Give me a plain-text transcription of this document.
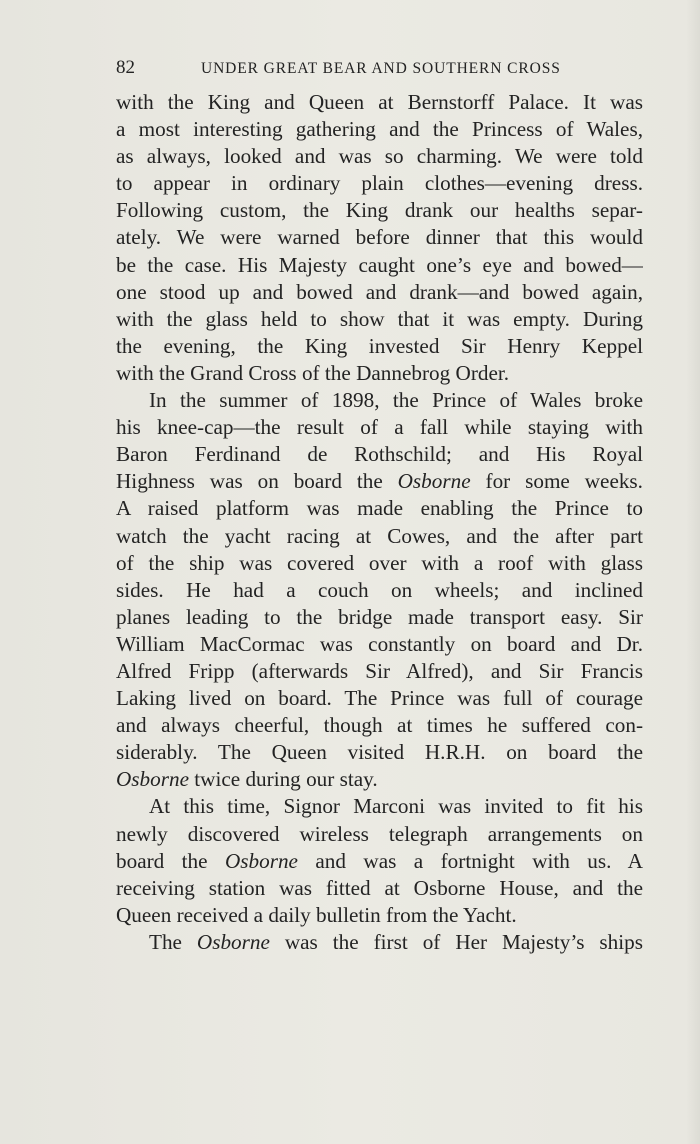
82	UNDER GREAT BEAR AND SOUTHERN CROSS
with the King and Queen at Bernstorff Palace. It was
a most interesting gathering and the Princess of Wales,
as always, looked and was so charming. We were told
to appear in ordinary plain clothes—evening dress.
Following custom, the King drank our healths separ-
ately. We were warned before dinner that this would
be the case. His Majesty caught one’s eye and bowed—
one stood up and bowed and drank—and bowed again,
with the glass held to show that it was empty. During
the evening, the King invested Sir Henry Keppel
with the Grand Cross of the Dannebrog Order.
In the summer of 1898, the Prince of Wales broke
his knee-cap—the result of a fall while staying with
Baron Ferdinand de Rothschild; and His Royal
Highness was on board the Osborne for some weeks.
A raised platform was made enabling the Prince to
watch the yacht racing at Cowes, and the after part
of the ship was covered over with a roof with glass
sides. He had a couch on wheels; and inclined
planes leading to the bridge made transport easy. Sir
William MacCormac was constantly on board and Dr.
Alfred Fripp (afterwards Sir Alfred), and Sir Francis
Laking lived on board. The Prince was full of courage
and always cheerful, though at times he suffered con-
siderably. The Queen visited H.R.H. on board the
Osborne twice during our stay.
At this time, Signor Marconi was invited to fit his
newly discovered wireless telegraph arrangements on
board the Osborne and was a fortnight with us. A
receiving station was fitted at Osborne House, and the
Queen received a daily bulletin from the Yacht.
The Osborne was the first of Her Majesty’s ships
